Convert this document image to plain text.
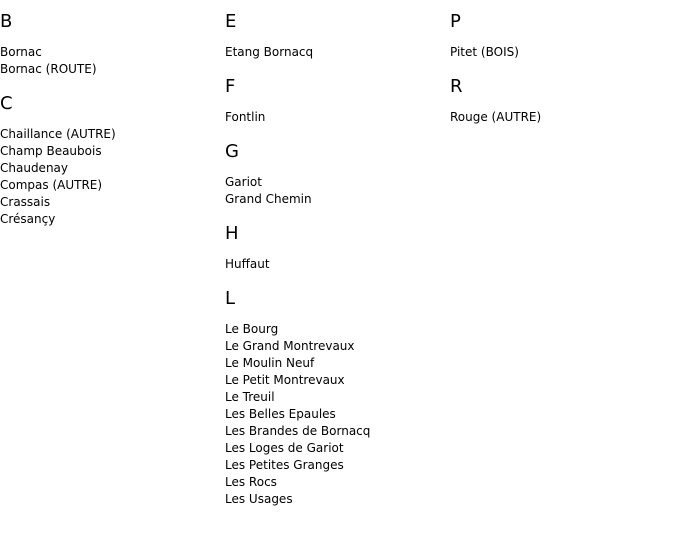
B
Bornac
Bornac (ROUTE)
C
Chaillance (AUTRE)
Champ Beaubois
Chaudenay
Compas (AUTRE)
Crassais
Crésançy
E
Etang Bornacq
F
Fontlin
G
Gariot
Grand Chemin
H
Huffaut
L
Le Bourg
Le Grand Montrevaux
Le Moulin Neuf
Le Petit Montrevaux
Le Treuil
Les Belles Epaules
Les Brandes de Bornacq
Les Loges de Gariot
Les Petites Granges
Les Rocs
Les Usages
P
Pitet (BOIS)
R
Rouge (AUTRE)
